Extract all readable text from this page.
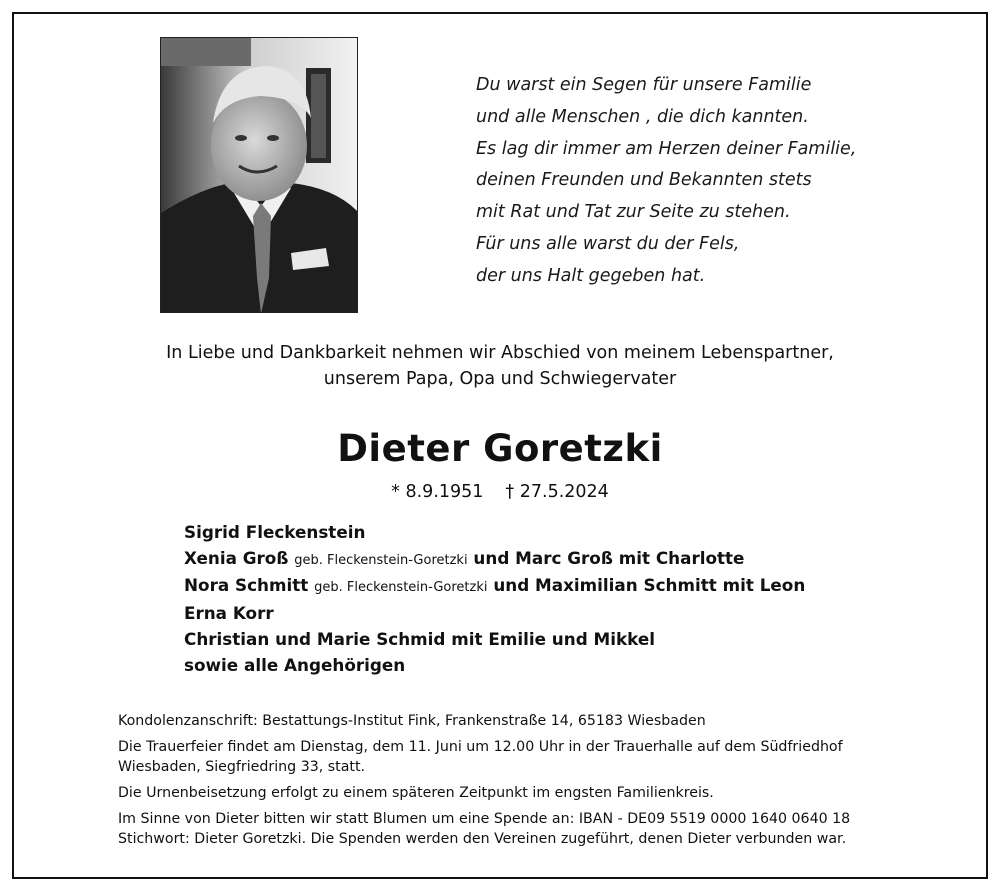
Du warst ein Segen für unsere Familie
und alle Menschen , die dich kannten.
Es lag dir immer am Herzen deiner Familie,
deinen Freunden und Bekannten stets
mit Rat und Tat zur Seite zu stehen.
Für uns alle warst du der Fels,
der uns Halt gegeben hat.
In Liebe und Dankbarkeit nehmen wir Abschied von meinem Lebenspartner,
unserem Papa, Opa und Schwiegervater
Dieter Goretzki
* 8.9.1951 † 27.5.2024
Sigrid Fleckenstein
Xenia Groß geb. Fleckenstein-Goretzki und Marc Groß mit Charlotte
Nora Schmitt geb. Fleckenstein-Goretzki und Maximilian Schmitt mit Leon
Erna Korr
Christian und Marie Schmid mit Emilie und Mikkel
sowie alle Angehörigen

Kondolenzanschrift: Bestattungs-Institut Fink, Frankenstraße 14, 65183 Wiesbaden

Die Trauerfeier findet am Dienstag, dem 11. Juni um 12.00 Uhr in der Trauerhalle auf dem Südfriedhof
Wiesbaden, Siegfriedring 33, statt.

Die Urnenbeisetzung erfolgt zu einem späteren Zeitpunkt im engsten Familienkreis.

Im Sinne von Dieter bitten wir statt Blumen um eine Spende an: IBAN - DE09 5519 0000 1640 0640 18
Stichwort: Dieter Goretzki. Die Spenden werden den Vereinen zugeführt, denen Dieter verbunden war.
